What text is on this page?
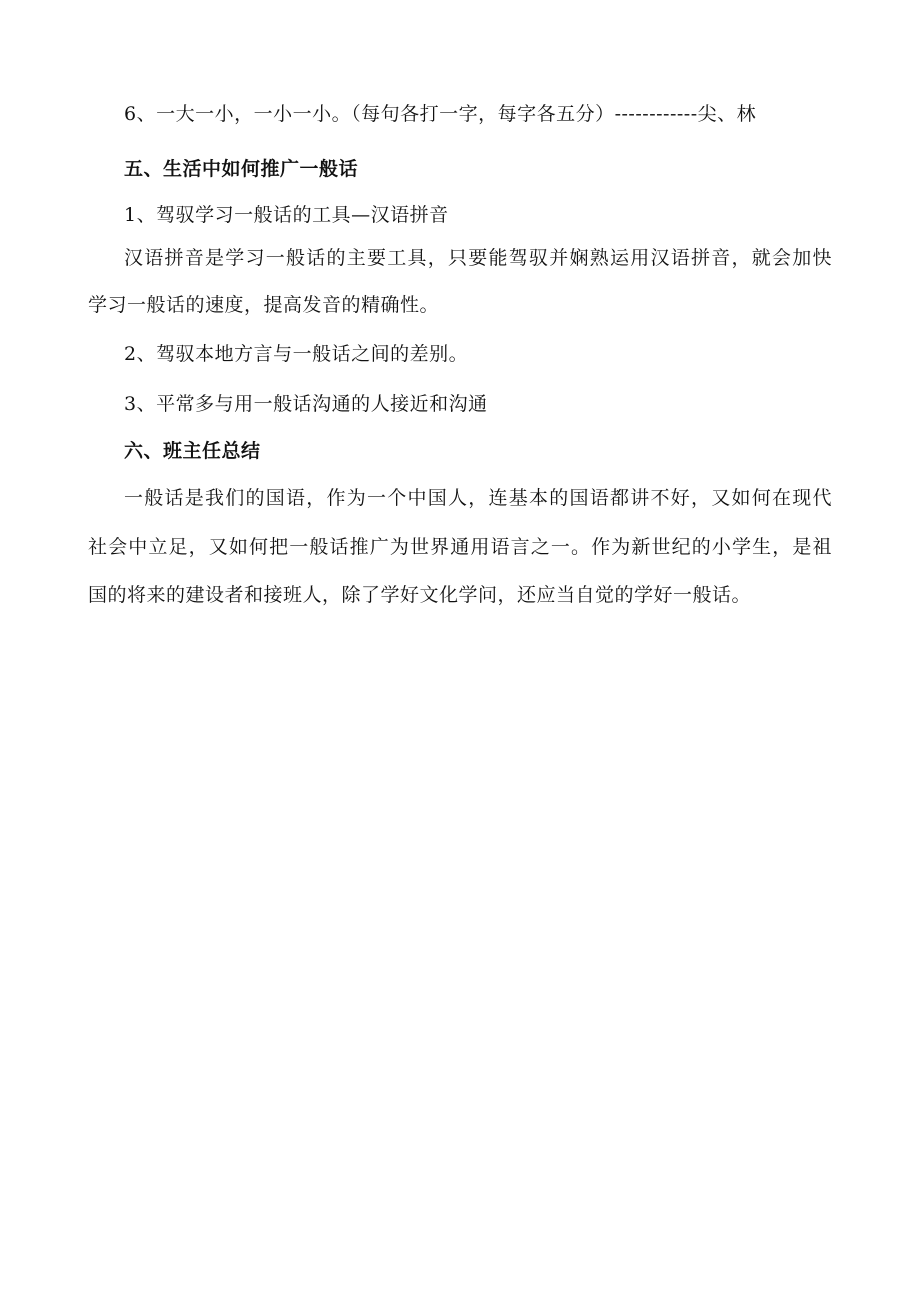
6、一大一小，一小一小。（每句各打一字，每字各五分）------------尖、林
五、生活中如何推广一般话
1、驾驭学习一般话的工具—汉语拼音
汉语拼音是学习一般话的主要工具，只要能驾驭并娴熟运用汉语拼音，就会加快
学习一般话的速度，提高发音的精确性。
2、驾驭本地方言与一般话之间的差别。
3、平常多与用一般话沟通的人接近和沟通
六、班主任总结
一般话是我们的国语，作为一个中国人，连基本的国语都讲不好，又如何在现代
社会中立足，又如何把一般话推广为世界通用语言之一。作为新世纪的小学生，是祖
国的将来的建设者和接班人，除了学好文化学问，还应当自觉的学好一般话。
